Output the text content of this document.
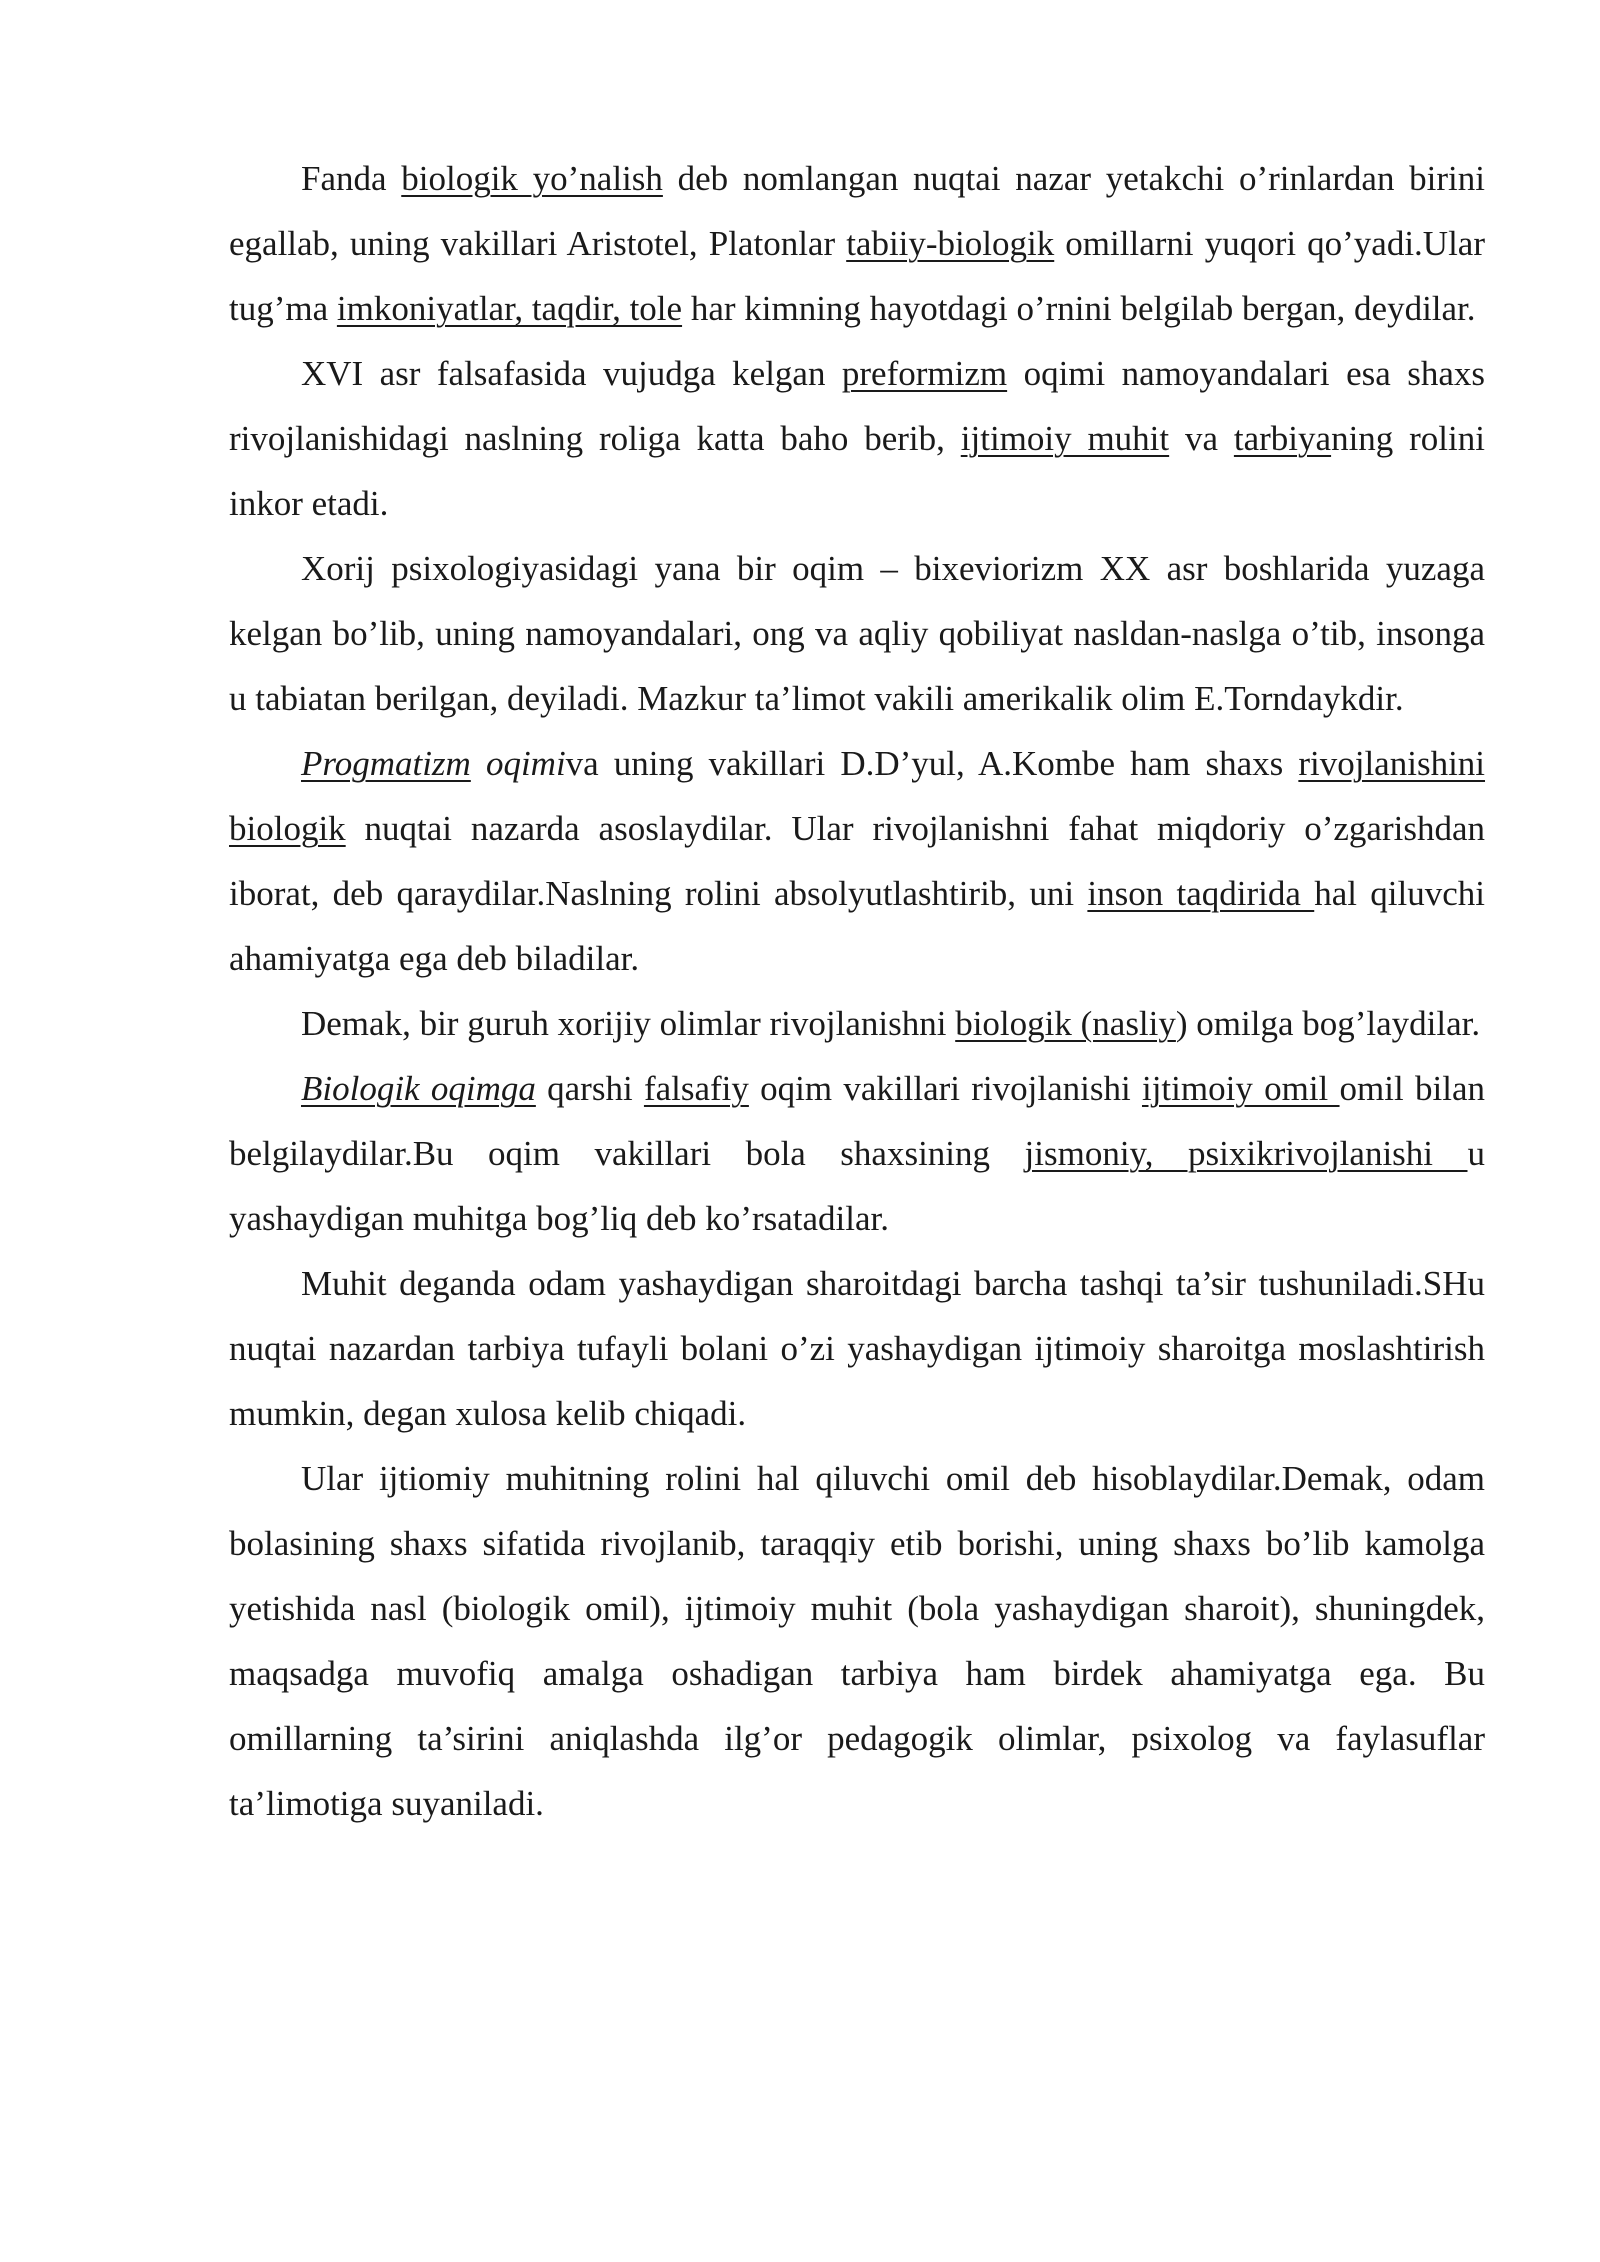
Fanda biologik yo’nalish deb nomlangan nuqtai nazar yetakchi o’rinlardan birini egallab, uning vakillari Aristotel, Platonlar tabiiy-biologik omillarni yuqori qo’yadi.Ular tug’ma imkoniyatlar, taqdir, tole har kimning hayotdagi o’rnini belgilab bergan, deydilar.

XVI asr falsafasida vujudga kelgan preformizm oqimi namoyandalari esa shaxs rivojlanishidagi naslning roliga katta baho berib, ijtimoiy muhit va tarbiyaning rolini inkor etadi.

Xorij psixologiyasidagi yana bir oqim – bixeviorizm XX asr boshlarida yuzaga kelgan bo’lib, uning namoyandalari, ong va aqliy qobiliyat nasldan-naslga o’tib, insonga u tabiatan berilgan, deyiladi. Mazkur ta’limot vakili amerikalik olim E.Torndaykdir.

Progmatizm oqimiva uning vakillari D.D’yul, A.Kombe ham shaxs rivojlanishini biologik nuqtai nazarda asoslaydilar. Ular rivojlanishni fahat miqdoriy o’zgarishdan iborat, deb qaraydilar.Naslning rolini absolyutlashtirib, uni inson taqdirida hal qiluvchi ahamiyatga ega deb biladilar.

Demak, bir guruh xorijiy olimlar rivojlanishni biologik (nasliy) omilga bog’laydilar.

Biologik oqimga qarshi falsafiy oqim vakillari rivojlanishi ijtimoiy omil omil bilan belgilaydilar.Bu oqim vakillari bola shaxsining jismoniy, psixikrivojlanishi u yashaydigan muhitga bog’liq deb ko’rsatadilar.

Muhit deganda odam yashaydigan sharoitdagi barcha tashqi ta’sir tushuniladi.SHu nuqtai nazardan tarbiya tufayli bolani o’zi yashaydigan ijtimoiy sharoitga moslashtirish mumkin, degan xulosa kelib chiqadi.

Ular ijtiomiy muhitning rolini hal qiluvchi omil deb hisoblaydilar.Demak, odam bolasining shaxs sifatida rivojlanib, taraqqiy etib borishi, uning shaxs bo’lib kamolga yetishida nasl (biologik omil), ijtimoiy muhit (bola yashaydigan sharoit), shuningdek, maqsadga muvofiq amalga oshadigan tarbiya ham birdek ahamiyatga ega. Bu omillarning ta’sirini aniqlashda ilg’or pedagogik olimlar, psixolog va faylasuflar ta’limotiga suyaniladi.
